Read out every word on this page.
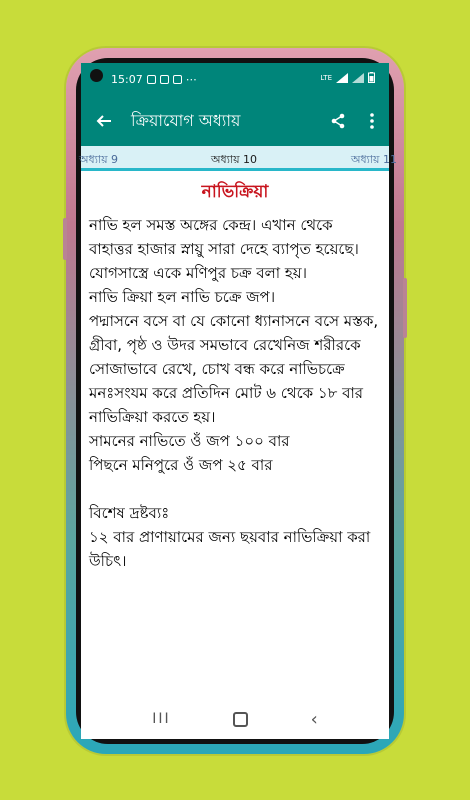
15:07	⋯	LTE
ক্রিয়াযোগ অধ্যায়
অধ্যায় 9	অধ্যায় 10	অধ্যায় 11
নাভিক্রিয়া

নাভি হল সমস্ত অঙ্গের কেন্দ্র। এখান থেকে বাহাত্তর হাজার স্নায়ু সারা দেহে ব্যাপৃত হয়েছে। যোগসাস্ত্রে একে মণিপুর চক্র বলা হয়।

নাভি ক্রিয়া হল নাভি চক্রে জপ।

পদ্মাসনে বসে বা যে কোনো ধ্যানাসনে বসে মস্তক, গ্রীবা, পৃষ্ঠ ও উদর সমভাবে রেখেনিজ শরীরকে সোজাভাবে রেখে, চোখ বন্ধ করে নাভিচক্রে মনঃসংযম করে প্রতিদিন মোট ৬ থেকে ১৮ বার নাভিক্রিয়া করতে হয়।

সামনের নাভিতে ওঁ জপ ১০০ বার

পিছনে মনিপুরে ওঁ জপ ২৫ বার

বিশেষ দ্রষ্টব্যঃ

১২ বার প্রাণায়ামের জন্য ছয়বার নাভিক্রিয়া করা উচিৎ।

III	‹
